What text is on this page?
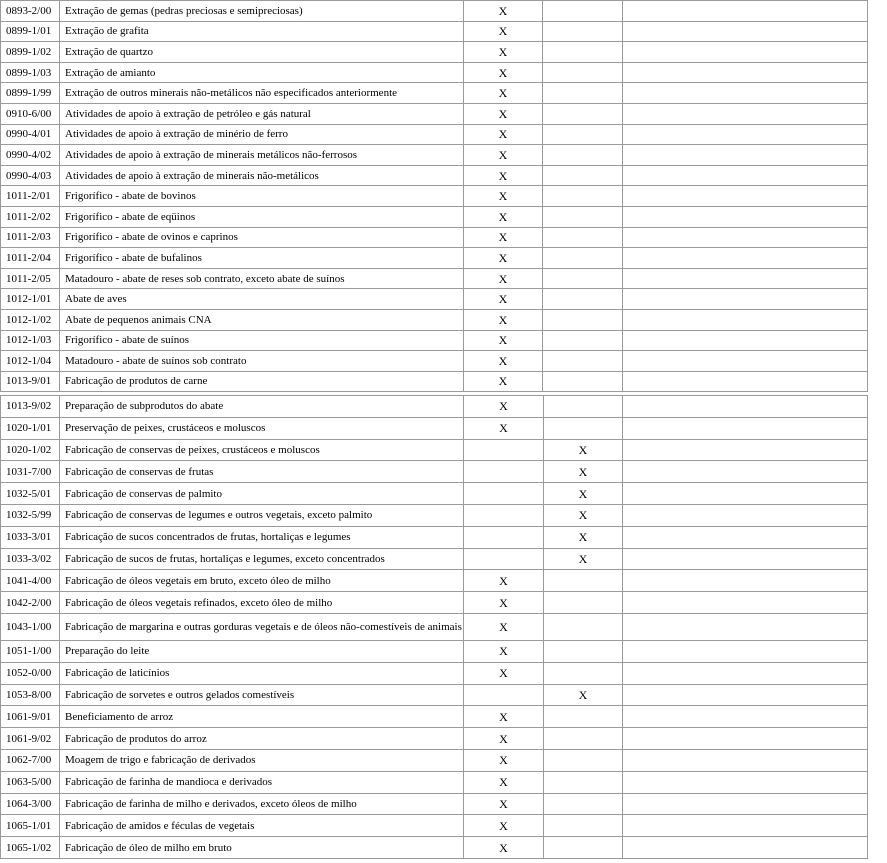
0893-2/00	Extração de gemas (pedras preciosas e semipreciosas)	X		
0899-1/01	Extração de grafita	X		
0899-1/02	Extração de quartzo	X		
0899-1/03	Extração de amianto	X		
0899-1/99	Extração de outros minerais não-metálicos não especificados anteriormente	X		
0910-6/00	Atividades de apoio à extração de petróleo e gás natural	X		
0990-4/01	Atividades de apoio à extração de minério de ferro	X		
0990-4/02	Atividades de apoio à extração de minerais metálicos não-ferrosos	X		
0990-4/03	Atividades de apoio à extração de minerais não-metálicos	X		
1011-2/01	Frigorífico - abate de bovinos	X		
1011-2/02	Frigorífico - abate de eqüinos	X		
1011-2/03	Frigorífico - abate de ovinos e caprinos	X		
1011-2/04	Frigorífico - abate de bufalinos	X		
1011-2/05	Matadouro - abate de reses sob contrato, exceto abate de suínos	X		
1012-1/01	Abate de aves	X		
1012-1/02	Abate de pequenos animais CNA	X		
1012-1/03	Frigorífico - abate de suínos	X		
1012-1/04	Matadouro - abate de suínos sob contrato	X		
1013-9/01	Fabricação de produtos de carne	X		
1013-9/02	Preparação de subprodutos do abate	X		
1020-1/01	Preservação de peixes, crustáceos e moluscos	X		
1020-1/02	Fabricação de conservas de peixes, crustáceos e moluscos		X	
1031-7/00	Fabricação de conservas de frutas		X	
1032-5/01	Fabricação de conservas de palmito		X	
1032-5/99	Fabricação de conservas de legumes e outros vegetais, exceto palmito		X	
1033-3/01	Fabricação de sucos concentrados de frutas, hortaliças e legumes		X	
1033-3/02	Fabricação de sucos de frutas, hortaliças e legumes, exceto concentrados		X	
1041-4/00	Fabricação de óleos vegetais em bruto, exceto óleo de milho	X		
1042-2/00	Fabricação de óleos vegetais refinados, exceto óleo de milho	X		
1043-1/00	Fabricação de margarina e outras gorduras vegetais e de óleos não-comestíveis de animais	X		
1051-1/00	Preparação do leite	X		
1052-0/00	Fabricação de laticínios	X		
1053-8/00	Fabricação de sorvetes e outros gelados comestíveis		X	
1061-9/01	Beneficiamento de arroz	X		
1061-9/02	Fabricação de produtos do arroz	X		
1062-7/00	Moagem de trigo e fabricação de derivados	X		
1063-5/00	Fabricação de farinha de mandioca e derivados	X		
1064-3/00	Fabricação de farinha de milho e derivados, exceto óleos de milho	X		
1065-1/01	Fabricação de amidos e féculas de vegetais	X		
1065-1/02	Fabricação de óleo de milho em bruto	X		
